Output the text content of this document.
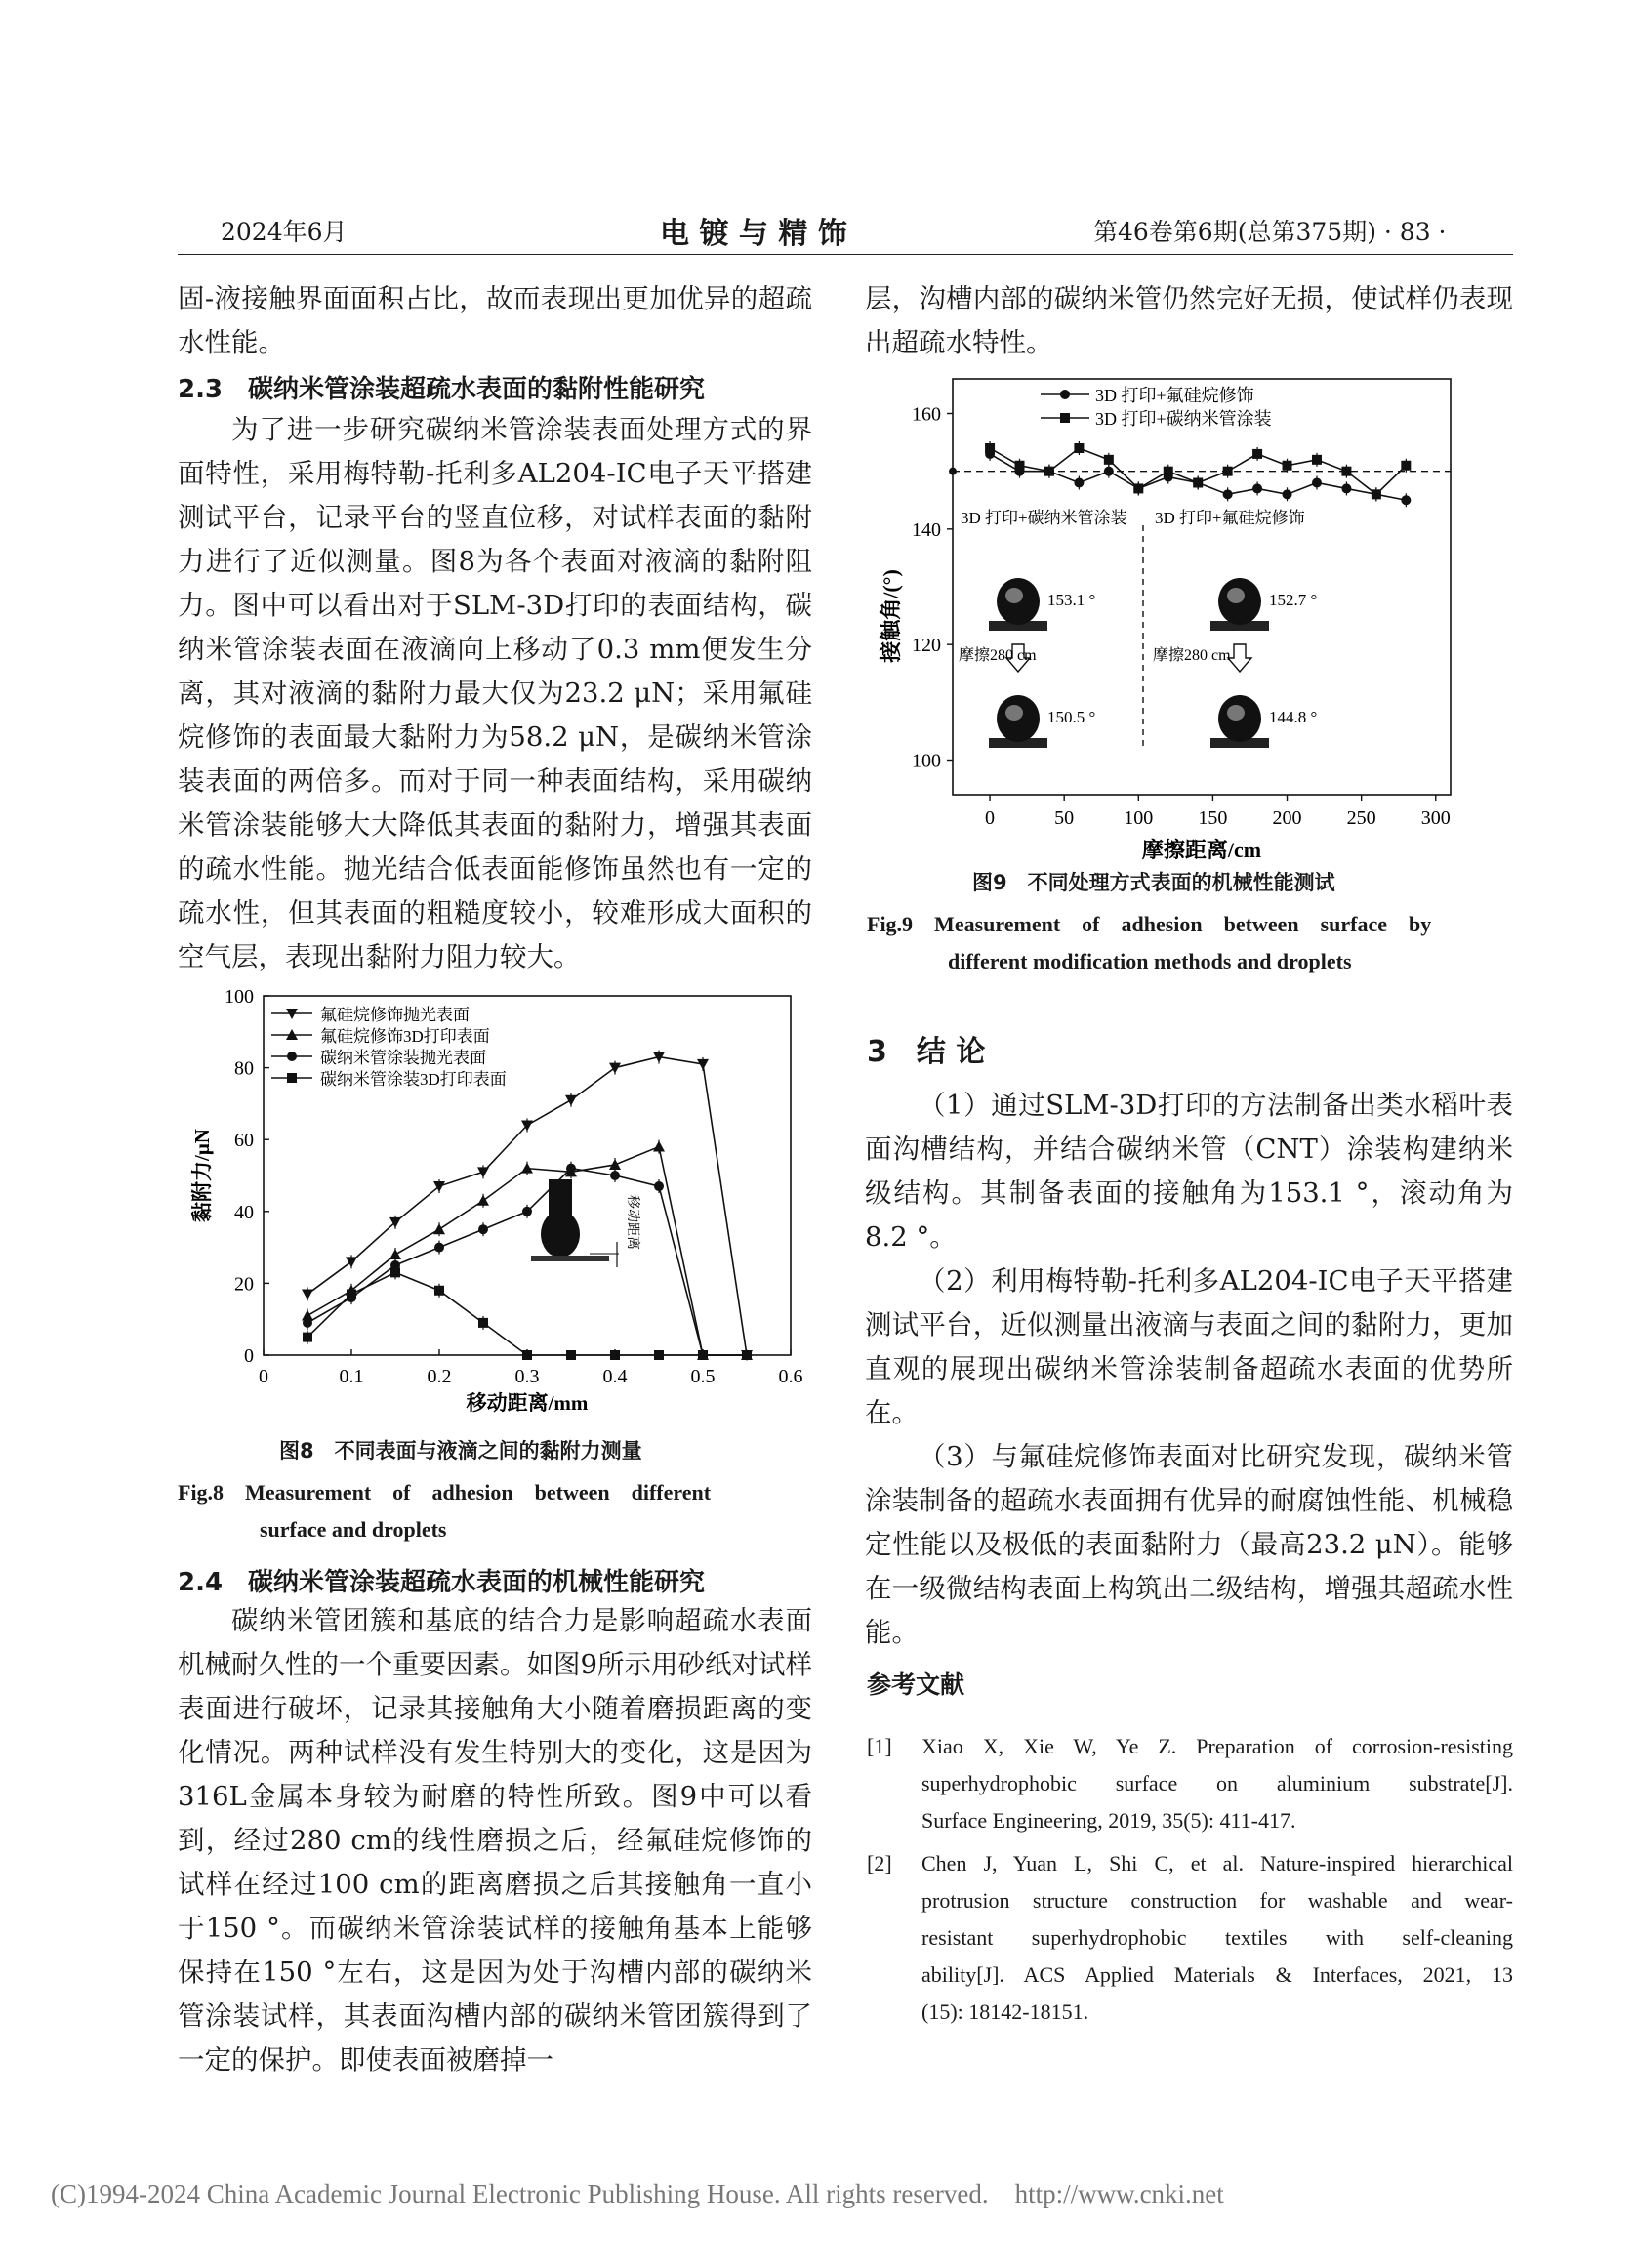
2024年6月	电 镀 与 精 饰	第46卷第6期(总第375期) · 83 ·

固-液接触界面面积占比，故而表现出更加优异的超疏水性能。

2.3　碳纳米管涂装超疏水表面的黏附性能研究

为了进一步研究碳纳米管涂装表面处理方式的界面特性，采用梅特勒-托利多AL204-IC电子天平搭建测试平台，记录平台的竖直位移，对试样表面的黏附力进行了近似测量。图8为各个表面对液滴的黏附阻力。图中可以看出对于SLM-3D打印的表面结构，碳纳米管涂装表面在液滴向上移动了0.3 mm便发生分离，其对液滴的黏附力最大仅为23.2 μN；采用氟硅烷修饰的表面最大黏附力为58.2 μN，是碳纳米管涂装表面的两倍多。而对于同一种表面结构，采用碳纳米管涂装能够大大降低其表面的黏附力，增强其表面的疏水性能。抛光结合低表面能修饰虽然也有一定的疏水性，但其表面的粗糙度较小，较难形成大面积的空气层，表现出黏附力阻力较大。

0	0.1	0.2	0.3	0.4	0.5	0.6
0
20
40
60
80
100
移动距离/mm
黏附力/μN
氟硅烷修饰抛光表面
氟硅烷修饰3D打印表面
碳纳米管涂装抛光表面
碳纳米管涂装3D打印表面
移动距离
图8　不同表面与液滴之间的黏附力测量
Fig.8　Measurement　of　adhesion　between　different
surface and droplets
2.4　碳纳米管涂装超疏水表面的机械性能研究

碳纳米管团簇和基底的结合力是影响超疏水表面机械耐久性的一个重要因素。如图9所示用砂纸对试样表面进行破坏，记录其接触角大小随着磨损距离的变化情况。两种试样没有发生特别大的变化，这是因为316L金属本身较为耐磨的特性所致。图9中可以看到，经过280 cm的线性磨损之后，经氟硅烷修饰的试样在经过100 cm的距离磨损之后其接触角一直小于150 °。而碳纳米管涂装试样的接触角基本上能够保持在150 °左右，这是因为处于沟槽内部的碳纳米管涂装试样，其表面沟槽内部的碳纳米管团簇得到了一定的保护。即使表面被磨掉一

层，沟槽内部的碳纳米管仍然完好无损，使试样仍表现出超疏水特性。

0	50	100 150 200 250 300
100
120
140
160
摩擦距离/cm
接触角/(°)
3D 打印+氟硅烷修饰
3D 打印+碳纳米管涂装
3D 打印+碳纳米管涂装 3D 打印+氟硅烷修饰
153.1 °
150.5 °
152.7 °
144.8 °
摩擦280 cm	摩擦280 cm
图9　不同处理方式表面的机械性能测试
Fig.9　Measurement　of　adhesion　between　surface　by
different modification methods and droplets
3　结 论

（1）通过SLM-3D打印的方法制备出类水稻叶表面沟槽结构，并结合碳纳米管（CNT）涂装构建纳米级结构。其制备表面的接触角为153.1 °，滚动角为8.2 °。

（2）利用梅特勒-托利多AL204-IC电子天平搭建测试平台，近似测量出液滴与表面之间的黏附力，更加直观的展现出碳纳米管涂装制备超疏水表面的优势所在。

（3）与氟硅烷修饰表面对比研究发现，碳纳米管涂装制备的超疏水表面拥有优异的耐腐蚀性能、机械稳定性能以及极低的表面黏附力（最高23.2 μN）。能够在一级微结构表面上构筑出二级结构，增强其超疏水性能。

参考文献
[1] Xiao X, Xie W, Ye Z. Preparation of corrosion-resisting
superhydrophobic surface on aluminium substrate[J].
Surface Engineering, 2019, 35(5): 411-417.
[2] Chen J, Yuan L, Shi C, et al. Nature-inspired hierarchical
protrusion structure construction for washable and wear-
resistant superhydrophobic textiles with self-cleaning
ability[J]. ACS Applied Materials & Interfaces, 2021, 13
(15): 18142-18151.
(C)1994-2024 China Academic Journal Electronic Publishing House. All rights reserved.    http://www.cnki.net
